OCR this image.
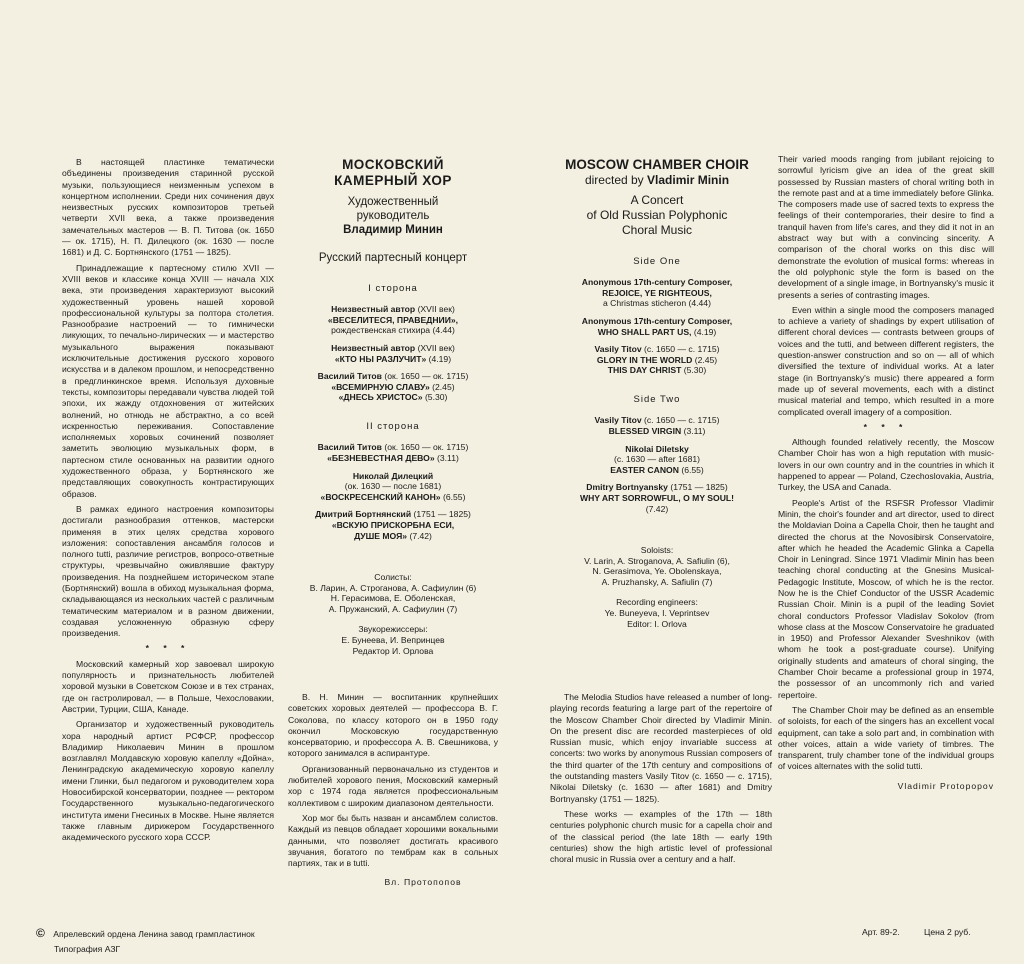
В настоящей пластинке тематически объединены произведения старинной русской музыки, пользующиеся неизменным успехом в концертном исполнении. Среди них сочинения двух неизвестных русских композиторов третьей четверти XVII века, а также произведения замечательных мастеров — В. П. Титова (ок. 1650 — ок. 1715), Н. П. Дилецкого (ок. 1630 — после 1681) и Д. С. Бортнянского (1751 — 1825).

Принадлежащие к партесному стилю XVII — XVIII веков и классике конца XVIII — начала XIX века, эти произведения характеризуют высокий художественный уровень нашей хоровой профессиональной культуры за полтора столетия. Разнообразие настроений — то гимнически ликующих, то печально-лирических — и мастерство музыкального выражения показывают исключительные достижения русского хорового искусства и в далеком прошлом, и непосредственно в предглинкинское время. Используя духовные тексты, композиторы передавали чувства людей той эпохи, их жажду отдохновения от житейских волнений, но отнюдь не абстрактно, а со всей искренностью переживания. Сопоставление исполняемых хоровых сочинений позволяет заметить эволюцию музыкальных форм, в партесном стиле основанных на развитии одного художественного образа, у Бортнянского же представляющих совокупность контрастирующих образов.

В рамках единого настроения композиторы достигали разнообразия оттенков, мастерски применяя в этих целях средства хорового изложения: сопоставления ансамбля голосов и полного tutti, различие регистров, вопросо-ответные структуры, чрезвычайно оживлявшие фактуру произведения. На позднейшем историческом этапе (Бортнянский) вошла в обиход музыкальная форма, складывающаяся из нескольких частей с различным тематическим материалом и в разном движении, создавая усложненную образную сферу произведения.

* * *

Московский камерный хор завоевал широкую популярность и признательность любителей хоровой музыки в Советском Союзе и в тех странах, где он гастролировал, — в Польше, Чехословакии, Австрии, Турции, США, Канаде.

Организатор и художественный руководитель хора народный артист РСФСР, профессор Владимир Николаевич Минин в прошлом возглавлял Молдавскую хоровую капеллу «Дойна», Ленинградскую академическую хоровую капеллу имени Глинки, был педагогом и руководителем хора Новосибирской консерватории, позднее — ректором Государственного музыкально-педагогического института имени Гнесиных в Москве. Ныне является также главным дирижером Государственного академического русского хора СССР.

МОСКОВСКИЙ
КАМЕРНЫЙ ХОР
Художественный
руководитель
Владимир Минин
Русский партесный концерт
I сторона
Неизвестный автор (XVII век)
«ВЕСЕЛИТЕСЯ, ПРАВЕДНИИ»,
рождественская стихира (4.44)
Неизвестный автор (XVII век)
«КТО НЫ РАЗЛУЧИТ» (4.19)
Василий Титов (ок. 1650 — ок. 1715)
«ВСЕМИРНУЮ СЛАВУ» (2.45)
«ДНЕСЬ ХРИСТОС» (5.30)
II сторона
Василий Титов (ок. 1650 — ок. 1715)
«БЕЗНЕВЕСТНАЯ ДЕВО» (3.11)
Николай Дилецкий
(ок. 1630 — после 1681)
«ВОСКРЕСЕНСКИЙ КАНОН» (6.55)
Дмитрий Бортнянский (1751 — 1825)
«ВСКУЮ ПРИСКОРБНА ЕСИ,
ДУШЕ МОЯ» (7.42)
Солисты:
В. Ларин, А. Строганова, А. Сафиулин (6)
Н. Герасимова, Е. Оболенская,
А. Пружанский, А. Сафиулин (7)
Звукорежиссеры:
Е. Бунеева, И. Вепринцев
Редактор И. Орлова

В. Н. Минин — воспитанник крупнейших советских хоровых деятелей — профессора В. Г. Соколова, по классу которого он в 1950 году окончил Московскую государственную консерваторию, и профессора А. В. Свешникова, у которого занимался в аспирантуре.

Организованный первоначально из студентов и любителей хорового пения, Московский камерный хор с 1974 года является профессиональным коллективом с широким диапазоном деятельности.

Хор мог бы быть назван и ансамблем солистов. Каждый из певцов обладает хорошими вокальными данными, что позволяет достигать красивого звучания, богатого по тембрам как в сольных партиях, так и в tutti.

Вл. Протопопов
MOSCOW CHAMBER CHOIR
directed by Vladimir Minin
A Concert
of Old Russian Polyphonic
Choral Music
Side One
Anonymous 17th-century Composer,
REJOICE, YE RIGHTEOUS,
a Christmas sticheron (4.44)
Anonymous 17th-century Composer,
WHO SHALL PART US, (4.19)
Vasily Titov (c. 1650 — c. 1715)
GLORY IN THE WORLD (2.45)
THIS DAY CHRIST (5.30)
Side Two
Vasily Titov (c. 1650 — c. 1715)
BLESSED VIRGIN (3.11)
Nikolai Diletsky
(c. 1630 — after 1681)
EASTER CANON (6.55)
Dmitry Bortnyansky (1751 — 1825)
WHY ART SORROWFUL, O MY SOUL!
(7.42)
Soloists:
V. Larin, A. Stroganova, A. Safiulin (6),
N. Gerasimova, Ye. Obolenskaya,
A. Pruzhansky, A. Safiulin (7)
Recording engineers:
Ye. Buneyeva, I. Veprintsev
Editor: I. Orlova

The Melodia Studios have released a number of long-playing records featuring a large part of the repertoire of the Moscow Chamber Choir directed by Vladimir Minin. On the present disc are recorded masterpieces of old Russian music, which enjoy invariable success at concerts: two works by anonymous Russian composers of the third quarter of the 17th century and compositions of the outstanding masters Vasily Titov (c. 1650 — c. 1715), Nikolai Diletsky (c. 1630 — after 1681) and Dmitry Bortnyansky (1751 — 1825).

These works — examples of the 17th — 18th centuries polyphonic church music for a capella choir and of the classical period (the late 18th — early 19th centuries) show the high artistic level of professional choral music in Russia over a century and a half.

Their varied moods ranging from jubilant rejoicing to sorrowful lyricism give an idea of the great skill possessed by Russian masters of choral writing both in the remote past and at a time immediately before Glinka. The composers made use of sacred texts to express the feelings of their contemporaries, their desire to find a tranquil haven from life's cares, and they did it not in an abstract way but with a convincing sincerity. A comparison of the choral works on this disc will demonstrate the evolution of musical forms: whereas in the old polyphonic style the form is based on the development of a single image, in Bortnyansky's music it presents a series of contrasting images.

Even within a single mood the composers managed to achieve a variety of shadings by expert utilisation of different choral devices — contrasts between groups of voices and the tutti, and between different registers, the question-answer construction and so on — all of which diversified the texture of individual works. At a later stage (in Bortnyansky's music) there appeared a form made up of several movements, each with a distinct musical material and tempo, which resulted in a more complicated overall imagery of a composition.

* * *

Although founded relatively recently, the Moscow Chamber Choir has won a high reputation with music-lovers in our own country and in the countries in which it happened to appear — Poland, Czechoslovakia, Austria, Turkey, the USA and Canada.

People's Artist of the RSFSR Professor Vladimir Minin, the choir's founder and art director, used to direct the Moldavian Doina a Capella Choir, then he taught and directed the chorus at the Novosibirsk Conservatoire, after which he headed the Academic Glinka a Capella Choir in Leningrad. Since 1971 Vladimir Minin has been teaching choral conducting at the Gnesins Musical-Pedagogic Institute, Moscow, of which he is the rector. Now he is the Chief Conductor of the USSR Academic Russian Choir. Minin is a pupil of the leading Soviet choral conductors Professor Vladislav Sokolov (from whose class at the Moscow Conservatoire he graduated in 1950) and Professor Alexander Sveshnikov (with whom he took a post-graduate course). Unifying originally students and amateurs of choral singing, the Chamber Choir became a professional group in 1974, the possessor of an uncommonly rich and varied repertoire.

The Chamber Choir may be defined as an ensemble of soloists, for each of the singers has an excellent vocal equipment, can take a solo part and, in combination with other voices, attain a wide variety of timbres. The transparent, truly chamber tone of the individual groups of voices alternates with the solid tutti.

Vladimir Protopopov
© Апрелевский ордена Ленина завод грампластинок
Типография АЗГ
Арт. 89-2.	Цена 2 руб.
